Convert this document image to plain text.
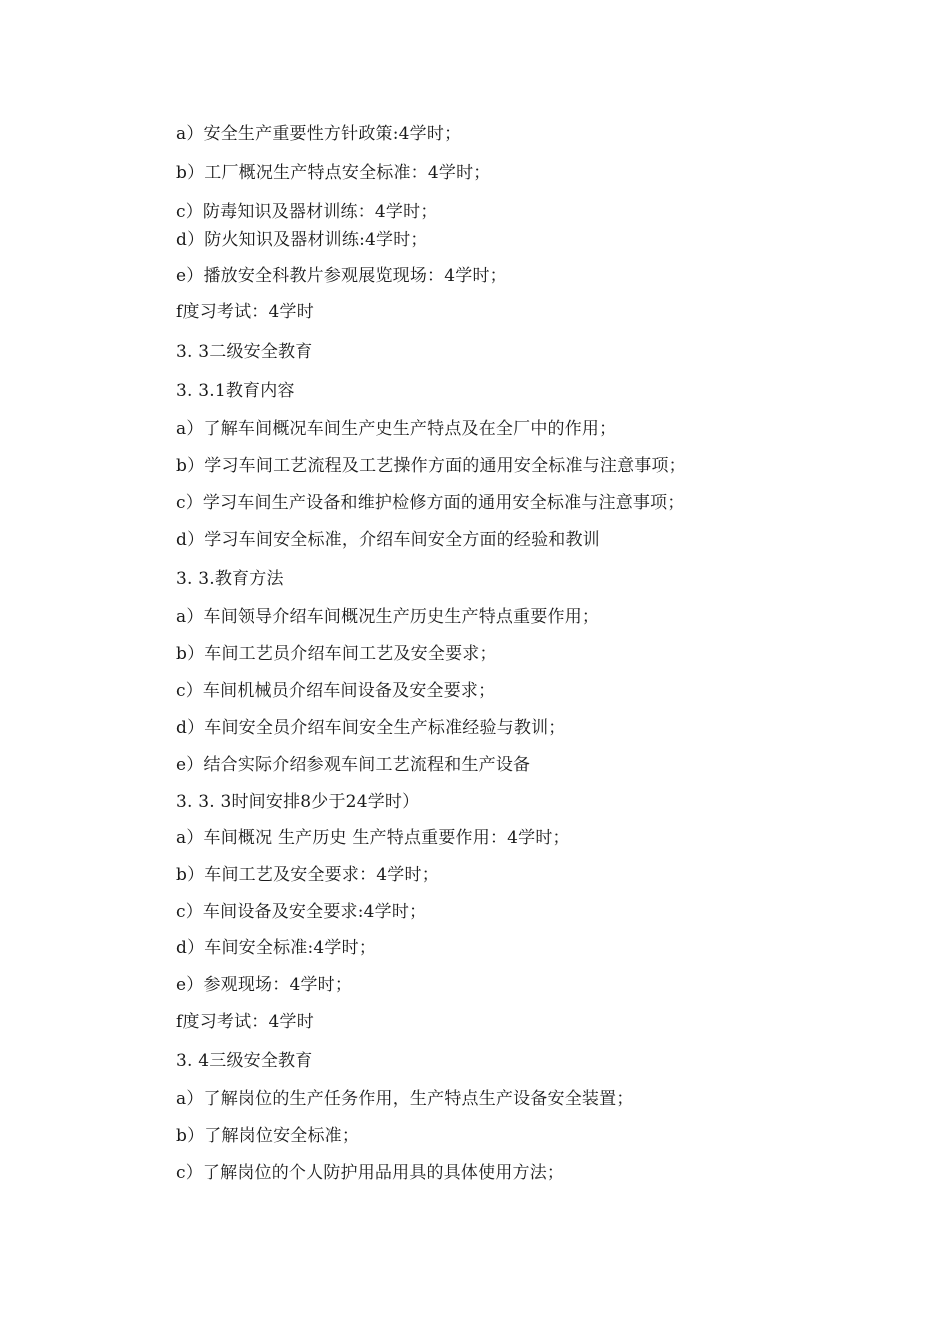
a）安全生产重要性方针政策:4学时；
b）工厂概况生产特点安全标准：4学时；
c）防毒知识及器材训练：4学时；
d）防火知识及器材训练:4学时；
e）播放安全科教片参观展览现场：4学时；
f度习考试：4学时
3. 3二级安全教育
3. 3.1教育内容
a）了解车间概况车间生产史生产特点及在全厂中的作用；
b）学习车间工艺流程及工艺操作方面的通用安全标准与注意事项；
c）学习车间生产设备和维护检修方面的通用安全标准与注意事项；
d）学习车间安全标准，介绍车间安全方面的经验和教训
3. 3.教育方法
a）车间领导介绍车间概况生产历史生产特点重要作用；
b）车间工艺员介绍车间工艺及安全要求；
c）车间机械员介绍车间设备及安全要求；
d）车间安全员介绍车间安全生产标准经验与教训；
e）结合实际介绍参观车间工艺流程和生产设备
3. 3. 3时间安排8少于24学时）
a）车间概况 生产历史 生产特点重要作用：4学时；
b）车间工艺及安全要求：4学时；
c）车间设备及安全要求:4学时；
d）车间安全标准:4学时；
e）参观现场：4学时；
f度习考试：4学时
3. 4三级安全教育
a）了解岗位的生产任务作用，生产特点生产设备安全装置；
b）了解岗位安全标准；
c）了解岗位的个人防护用品用具的具体使用方法；
